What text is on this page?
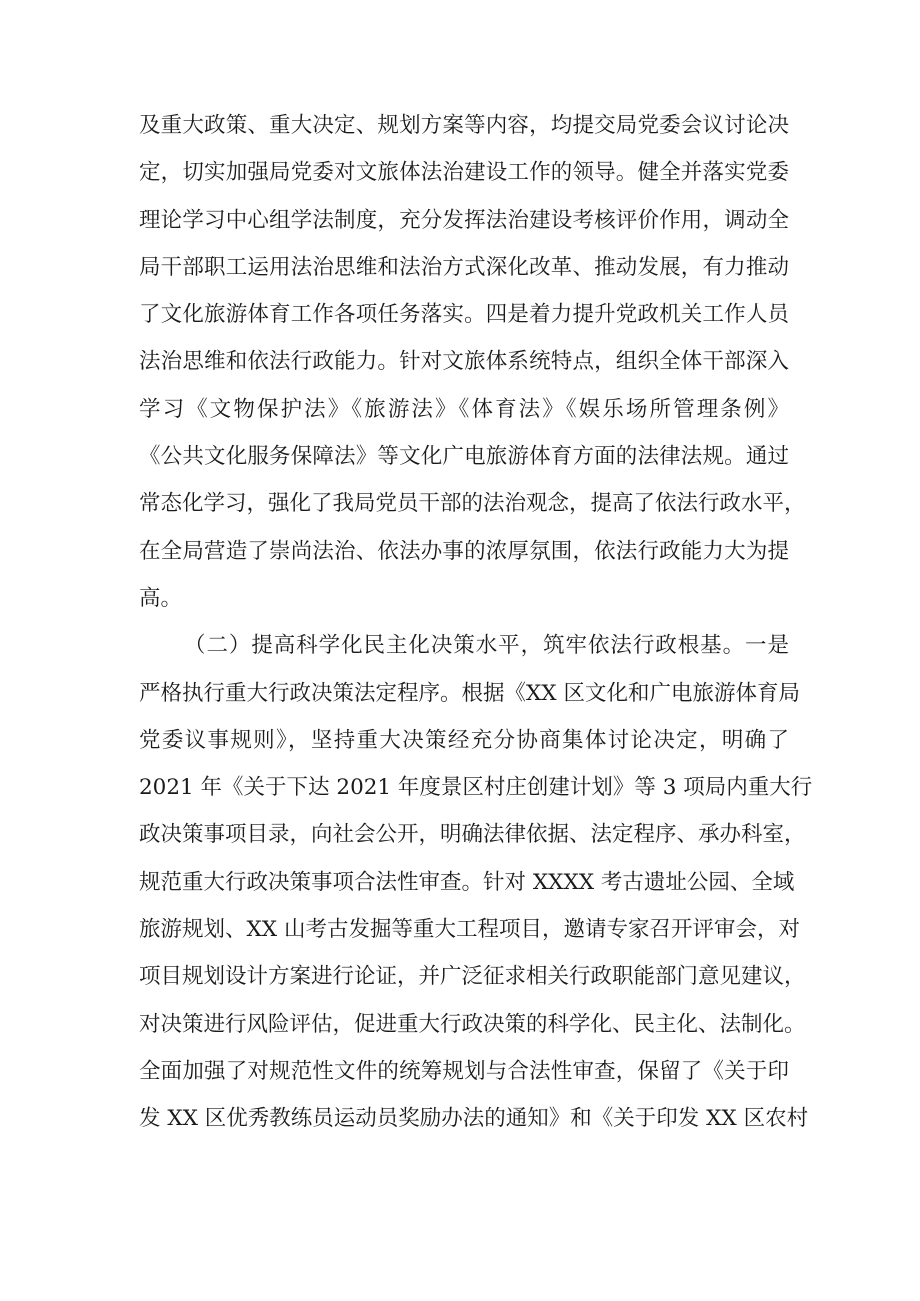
及重大政策、重大决定、规划方案等内容，均提交局党委会议讨论决
定，切实加强局党委对文旅体法治建设工作的领导。健全并落实党委
理论学习中心组学法制度，充分发挥法治建设考核评价作用，调动全
局干部职工运用法治思维和法治方式深化改革、推动发展，有力推动
了文化旅游体育工作各项任务落实。四是着力提升党政机关工作人员
法治思维和依法行政能力。针对文旅体系统特点，组织全体干部深入
学习《文物保护法》《旅游法》《体育法》《娱乐场所管理条例》
《公共文化服务保障法》等文化广电旅游体育方面的法律法规。通过
常态化学习，强化了我局党员干部的法治观念，提高了依法行政水平，
在全局营造了崇尚法治、依法办事的浓厚氛围，依法行政能力大为提
高。
（二）提高科学化民主化决策水平，筑牢依法行政根基。一是
严格执行重大行政决策法定程序。根据《XX 区文化和广电旅游体育局
党委议事规则》，坚持重大决策经充分协商集体讨论决定，明确了
2021 年《关于下达 2021 年度景区村庄创建计划》等 3 项局内重大行
政决策事项目录，向社会公开，明确法律依据、法定程序、承办科室，
规范重大行政决策事项合法性审查。针对 XXXX 考古遗址公园、全域
旅游规划、XX 山考古发掘等重大工程项目，邀请专家召开评审会，对
项目规划设计方案进行论证，并广泛征求相关行政职能部门意见建议，
对决策进行风险评估，促进重大行政决策的科学化、民主化、法制化。
全面加强了对规范性文件的统筹规划与合法性审查，保留了《关于印
发 XX 区优秀教练员运动员奖励办法的通知》和《关于印发 XX 区农村
